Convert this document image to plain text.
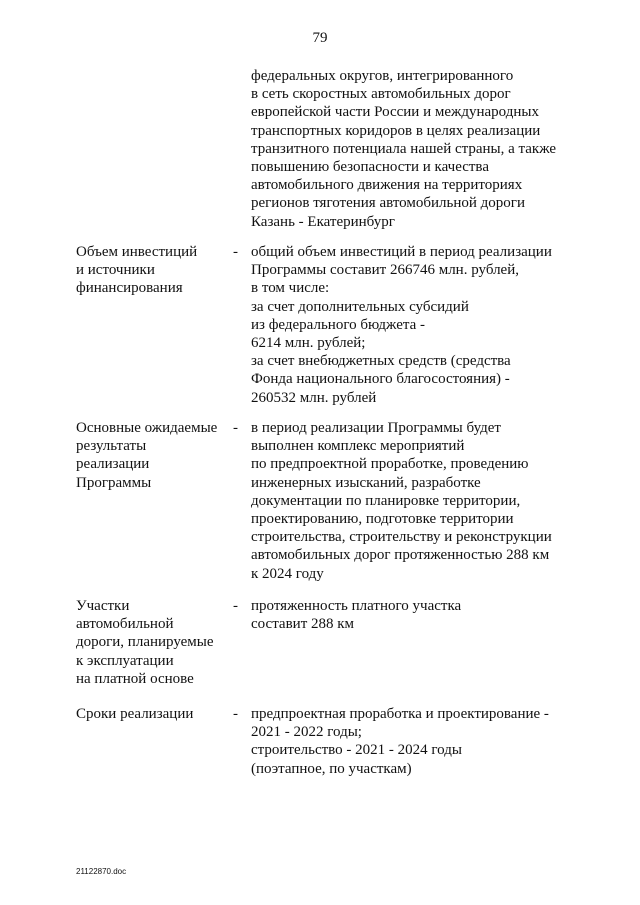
79
федеральных округов, интегрированного
в сеть скоростных автомобильных дорог
европейской части России и международных
транспортных коридоров в целях реализации
транзитного потенциала нашей страны, а также
повышению безопасности и качества
автомобильного движения на территориях
регионов тяготения автомобильной дороги
Казань - Екатеринбург
Объем инвестиций
и источники
финансирования
- общий объем инвестиций в период реализации
Программы составит 266746 млн. рублей,
в том числе:
за счет дополнительных субсидий
из федерального бюджета -
6214 млн. рублей;
за счет внебюджетных средств (средства
Фонда национального благосостояния) -
260532 млн. рублей
Основные ожидаемые
результаты
реализации
Программы
- в период реализации Программы будет
выполнен комплекс мероприятий
по предпроектной проработке, проведению
инженерных изысканий, разработке
документации по планировке территории,
проектированию, подготовке территории
строительства, строительству и реконструкции
автомобильных дорог протяженностью 288 км
к 2024 году
Участки
автомобильной
дороги, планируемые
к эксплуатации
на платной основе
- протяженность платного участка
составит 288 км
Сроки реализации	- предпроектная проработка и проектирование -
2021 - 2022 годы;
строительство - 2021 - 2024 годы
(поэтапное, по участкам)
21122870.doc
